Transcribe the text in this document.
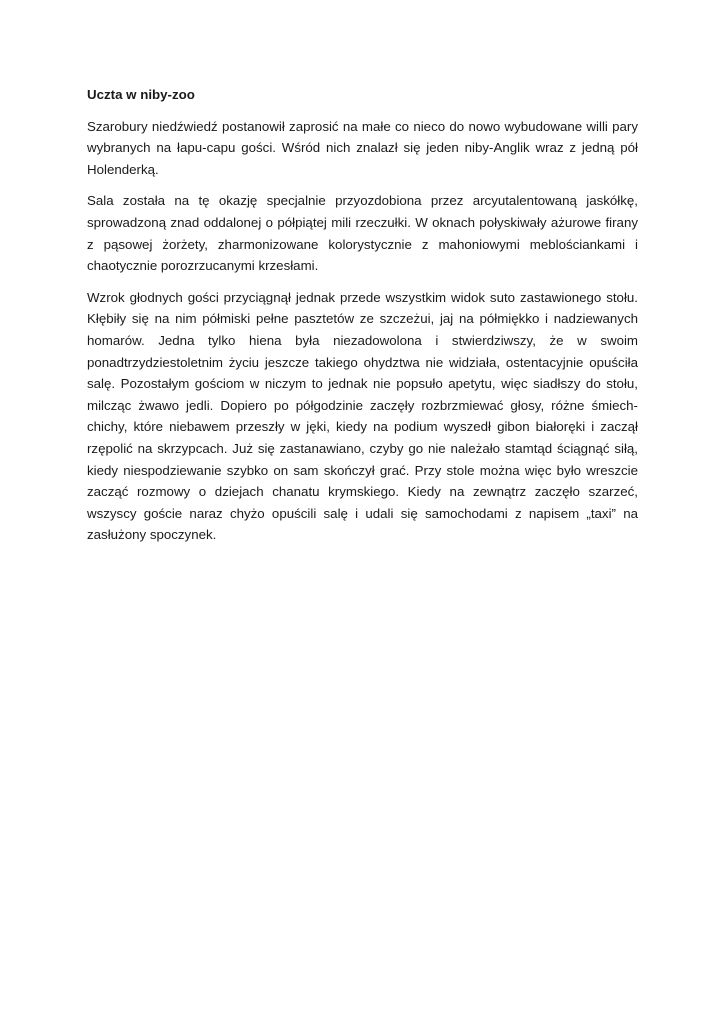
Uczta w niby-zoo

Szarobury niedźwiedź postanowił zaprosić na małe co nieco do nowo wybudowane willi pary wybranych na łapu-capu gości. Wśród nich znalazł się jeden niby-Anglik wraz z jedną pół Holenderką.

Sala została na tę okazję specjalnie przyozdobiona przez arcyutalentowaną jaskółkę, sprowadzoną znad oddalonej o półpiątej mili rzeczułki. W oknach połyskiwały ażurowe firany z pąsowej żorżety, zharmonizowane kolorystycznie z mahoniowymi meblościankami i chaotycznie porozrzucanymi krzesłami.

Wzrok głodnych gości przyciągnął jednak przede wszystkim widok suto zastawionego stołu. Kłębiły się na nim półmiski pełne pasztetów ze szczeżui, jaj na półmiękko i nadziewanych homarów. Jedna tylko hiena była niezadowolona i stwierdziwszy, że w swoim ponadtrzydziestoletnim życiu jeszcze takiego ohydztwa nie widziała, ostentacyjnie opuściła salę. Pozostałym gościom w niczym to jednak nie popsuło apetytu, więc siadłszy do stołu, milcząc żwawo jedli. Dopiero po półgodzinie zaczęły rozbrzmiewać głosy, różne śmiech-chichy, które niebawem przeszły w jęki, kiedy na podium wyszedł gibon białoręki i zaczął rzępolić na skrzypcach. Już się zastanawiano, czyby go nie należało stamtąd ściągnąć siłą, kiedy niespodziewanie szybko on sam skończył grać. Przy stole można więc było wreszcie zacząć rozmowy o dziejach chanatu krymskiego. Kiedy na zewnątrz zaczęło szarzeć, wszyscy goście naraz chyżo opuścili salę i udali się samochodami z napisem „taxi” na zasłużony spoczynek.
